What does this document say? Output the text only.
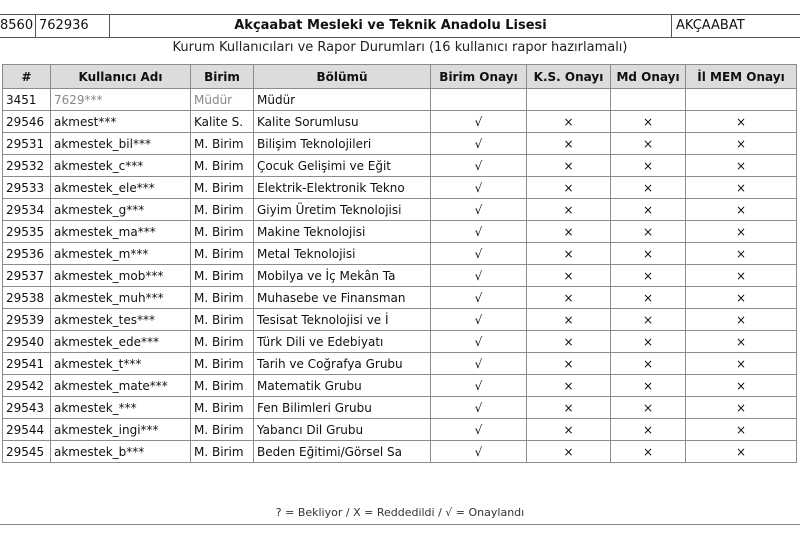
8560 762936	Akçaabat Mesleki ve Teknik Anadolu Lisesi	AKÇAABAT
Kurum Kullanıcıları ve Rapor Durumları (16 kullanıcı rapor hazırlamalı)
#	Kullanıcı Adı	Birim	Bölümü	Birim Onayı	K.S. Onayı	Md Onayı	İl MEM Onayı
3451	7629***	Müdür	Müdür				
29546	akmest***	Kalite S.	Kalite Sorumlusu	√	×	×	×
29531	akmestek_bil***	M. Birim	Bilişim Teknolojileri	√	×	×	×
29532	akmestek_c***	M. Birim	Çocuk Gelişimi ve Eğit	√	×	×	×
29533	akmestek_ele***	M. Birim	Elektrik-Elektronik Tekno	√	×	×	×
29534	akmestek_g***	M. Birim	Giyim Üretim Teknolojisi	√	×	×	×
29535	akmestek_ma***	M. Birim	Makine Teknolojisi	√	×	×	×
29536	akmestek_m***	M. Birim	Metal Teknolojisi	√	×	×	×
29537	akmestek_mob***	M. Birim	Mobilya ve İç Mekân Ta	√	×	×	×
29538	akmestek_muh***	M. Birim	Muhasebe ve Finansman	√	×	×	×
29539	akmestek_tes***	M. Birim	Tesisat Teknolojisi ve İ	√	×	×	×
29540	akmestek_ede***	M. Birim	Türk Dili ve Edebiyatı	√	×	×	×
29541	akmestek_t***	M. Birim	Tarih ve Coğrafya Grubu	√	×	×	×
29542	akmestek_mate***	M. Birim	Matematik Grubu	√	×	×	×
29543	akmestek_***	M. Birim	Fen Bilimleri Grubu	√	×	×	×
29544	akmestek_ingi***	M. Birim	Yabancı Dil Grubu	√	×	×	×
29545	akmestek_b***	M. Birim	Beden Eğitimi/Görsel Sa	√	×	×	×
? = Bekliyor / X = Reddedildi / √ = Onaylandı
